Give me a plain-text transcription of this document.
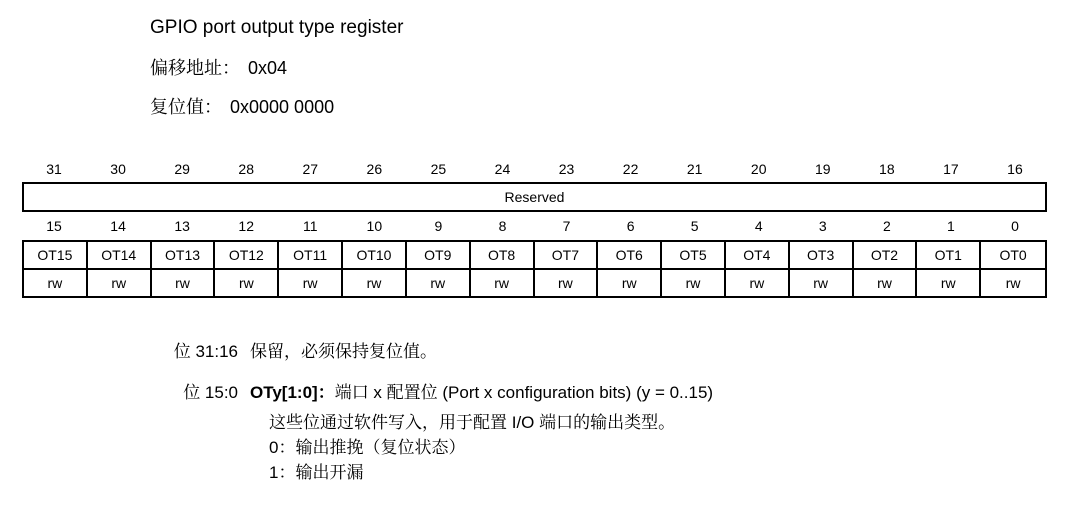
GPIO port output type register
偏移地址： 0x04
复位值： 0x0000 0000
31	30	29	28	27	26	25	24	23	22	21	20	19	18	17	16
Reserved
15	14	13	12	11	10	9	8	7	6	5	4	3	2	1	0
OT15	OT14	OT13	OT12	OT11	OT10	OT9	OT8	OT7	OT6	OT5	OT4	OT3	OT2	OT1	OT0
rw	rw	rw	rw	rw	rw	rw	rw	rw	rw	rw	rw	rw	rw	rw	rw
位 31:16 保留，必须保持复位值。
位 15:0 OTy[1:0]：端口 x 配置位 (Port x configuration bits) (y = 0..15)
这些位通过软件写入，用于配置 I/O 端口的输出类型。
0：输出推挽（复位状态）
1：输出开漏
